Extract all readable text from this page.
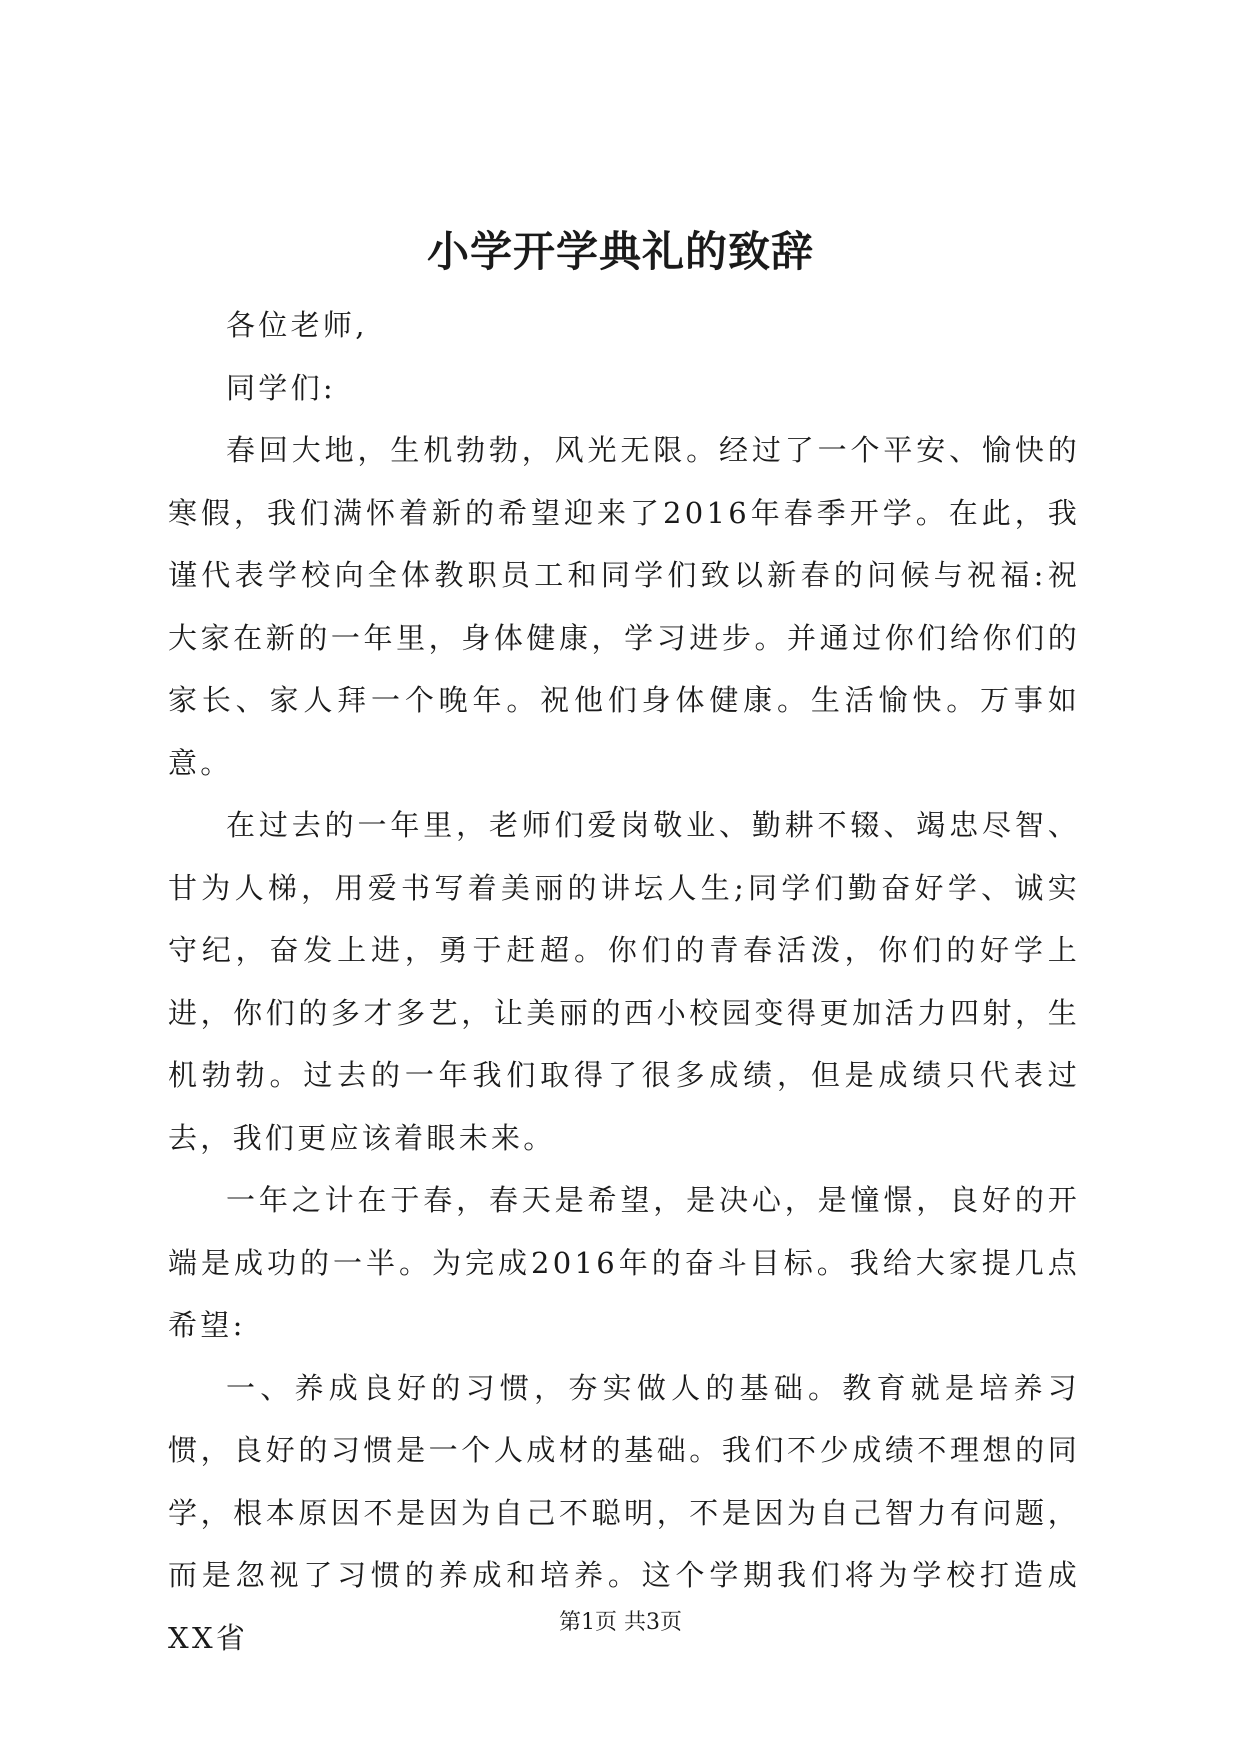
小学开学典礼的致辞

各位老师,

同学们:

春回大地，生机勃勃，风光无限。经过了一个平安、愉快的寒假，我们满怀着新的希望迎来了2016年春季开学。在此，我谨代表学校向全体教职员工和同学们致以新春的问候与祝福:祝大家在新的一年里，身体健康，学习进步。并通过你们给你们的家长、家人拜一个晚年。祝他们身体健康。生活愉快。万事如意。

在过去的一年里，老师们爱岗敬业、勤耕不辍、竭忠尽智、甘为人梯，用爱书写着美丽的讲坛人生;同学们勤奋好学、诚实守纪，奋发上进，勇于赶超。你们的青春活泼，你们的好学上进，你们的多才多艺，让美丽的西小校园变得更加活力四射，生机勃勃。过去的一年我们取得了很多成绩，但是成绩只代表过去，我们更应该着眼未来。

一年之计在于春，春天是希望，是决心，是憧憬，良好的开端是成功的一半。为完成2016年的奋斗目标。我给大家提几点希望:

一、养成良好的习惯，夯实做人的基础。教育就是培养习惯，良好的习惯是一个人成材的基础。我们不少成绩不理想的同学，根本原因不是因为自己不聪明，不是因为自己智力有问题，而是忽视了习惯的养成和培养。这个学期我们将为学校打造成XX省	第1页 共3页
